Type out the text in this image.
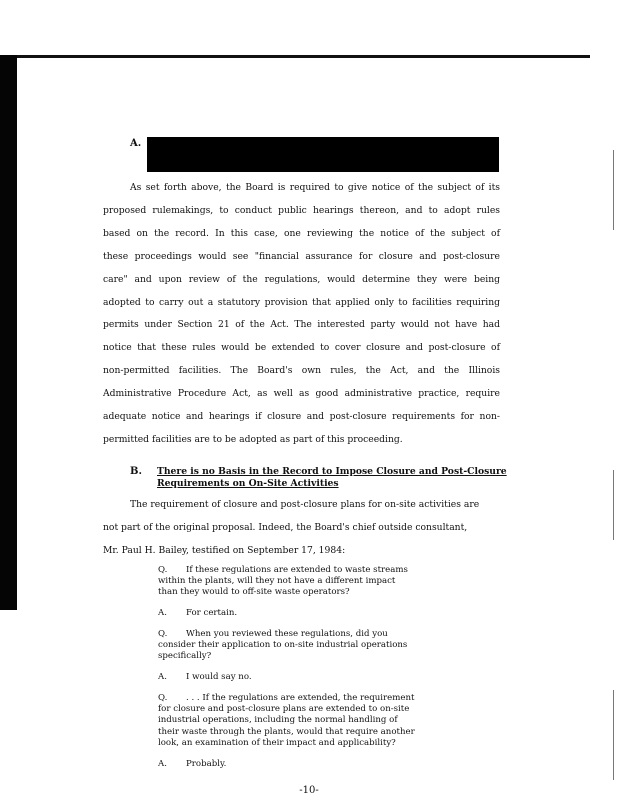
A.
As set forth above, the Board is required to give notice of the subject of its
proposed rulemakings, to conduct public hearings thereon, and to adopt rules
based on the record. In this case, one reviewing the notice of the subject of
these proceedings would see "financial assurance for closure and post-closure
care" and upon review of the regulations, would determine they were being
adopted to carry out a statutory provision that applied only to facilities requiring
permits under Section 21 of the Act. The interested party would not have had
notice that these rules would be extended to cover closure and post-closure of
non-permitted facilities. The Board's own rules, the Act, and the Illinois
Administrative Procedure Act, as well as good administrative practice, require
adequate notice and hearings if closure and post-closure requirements for non-
permitted facilities are to be adopted as part of this proceeding.
B. There is no Basis in the Record to Impose Closure and Post-Closure
Requirements on On-Site Activities
The requirement of closure and post-closure plans for on-site activities are
not part of the original proposal. Indeed, the Board's chief outside consultant,
Mr. Paul H. Bailey, testified on September 17, 1984:
Q. If these regulations are extended to waste streams
within the plants, will they not have a different impact
than they would to off-site waste operators?
A. For certain.
Q. When you reviewed these regulations, did you
consider their application to on-site industrial operations
specifically?
A. I would say no.
Q. . . . If the regulations are extended, the requirement
for closure and post-closure plans are extended to on-site
industrial operations, including the normal handling of
their waste through the plants, would that require another
look, an examination of their impact and applicability?
A. Probably.
-10-
